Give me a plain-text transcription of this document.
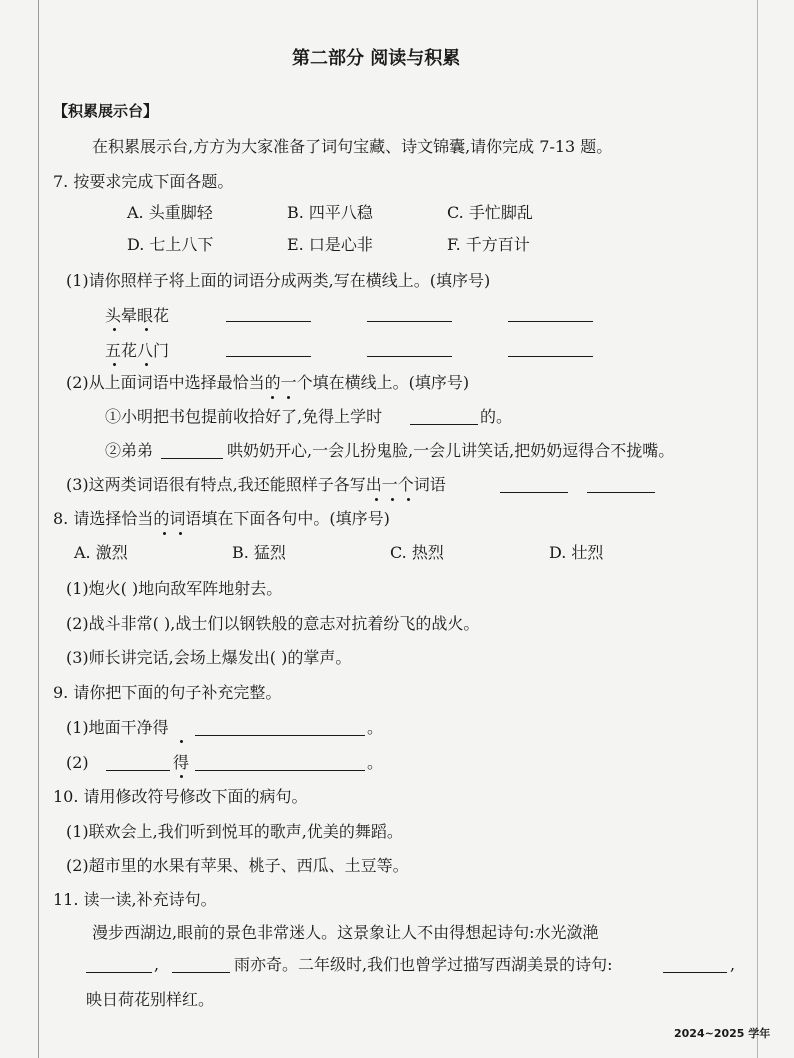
第二部分 阅读与积累
【积累展示台】
在积累展示台,方方为大家准备了词句宝藏、诗文锦囊,请你完成 7-13 题。
7. 按要求完成下面各题。
A. 头重脚轻	B. 四平八稳	C. 手忙脚乱
D. 七上八下	E. 口是心非	F. 千方百计
(1)请你照样子将上面的词语分成两类,写在横线上。(填序号)
头晕眼花
五花八门
(2)从上面词语中选择最恰当的一个填在横线上。(填序号)
①小明把书包提前收拾好了,免得上学时	的。
②弟弟	哄奶奶开心,一会儿扮鬼脸,一会儿讲笑话,把奶奶逗得合不拢嘴。
(3)这两类词语很有特点,我还能照样子各写出一个词语
8. 请选择恰当的词语填在下面各句中。(填序号)
A. 激烈	B. 猛烈	C. 热烈	D. 壮烈
(1)炮火( )地向敌军阵地射去。
(2)战斗非常( ),战士们以钢铁般的意志对抗着纷飞的战火。
(3)师长讲完话,会场上爆发出( )的掌声。
9. 请你把下面的句子补充完整。
(1)地面干净得	。
(2)	得	。
10. 请用修改符号修改下面的病句。
(1)联欢会上,我们听到悦耳的歌声,优美的舞蹈。
(2)超市里的水果有苹果、桃子、西瓜、土豆等。
11. 读一读,补充诗句。
漫步西湖边,眼前的景色非常迷人。这景象让人不由得想起诗句:水光潋滟
,	雨亦奇。二年级时,我们也曾学过描写西湖美景的诗句:	,
映日荷花别样红。
2024~2025 学年
